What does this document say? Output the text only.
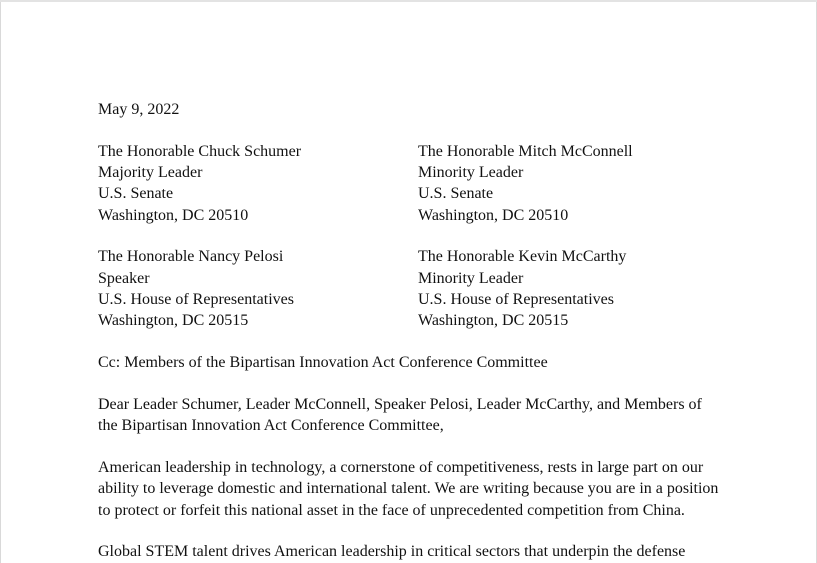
May 9, 2022
The Honorable Chuck Schumer
Majority Leader
U.S. Senate
Washington, DC 20510
The Honorable Mitch McConnell
Minority Leader
U.S. Senate
Washington, DC 20510
The Honorable Nancy Pelosi
Speaker
U.S. House of Representatives
Washington, DC 20515
The Honorable Kevin McCarthy
Minority Leader
U.S. House of Representatives
Washington, DC 20515
Cc: Members of the Bipartisan Innovation Act Conference Committee
Dear Leader Schumer, Leader McConnell, Speaker Pelosi, Leader McCarthy, and Members of
the Bipartisan Innovation Act Conference Committee,
American leadership in technology, a cornerstone of competitiveness, rests in large part on our
ability to leverage domestic and international talent. We are writing because you are in a position
to protect or forfeit this national asset in the face of unprecedented competition from China.
Global STEM talent drives American leadership in critical sectors that underpin the defense
